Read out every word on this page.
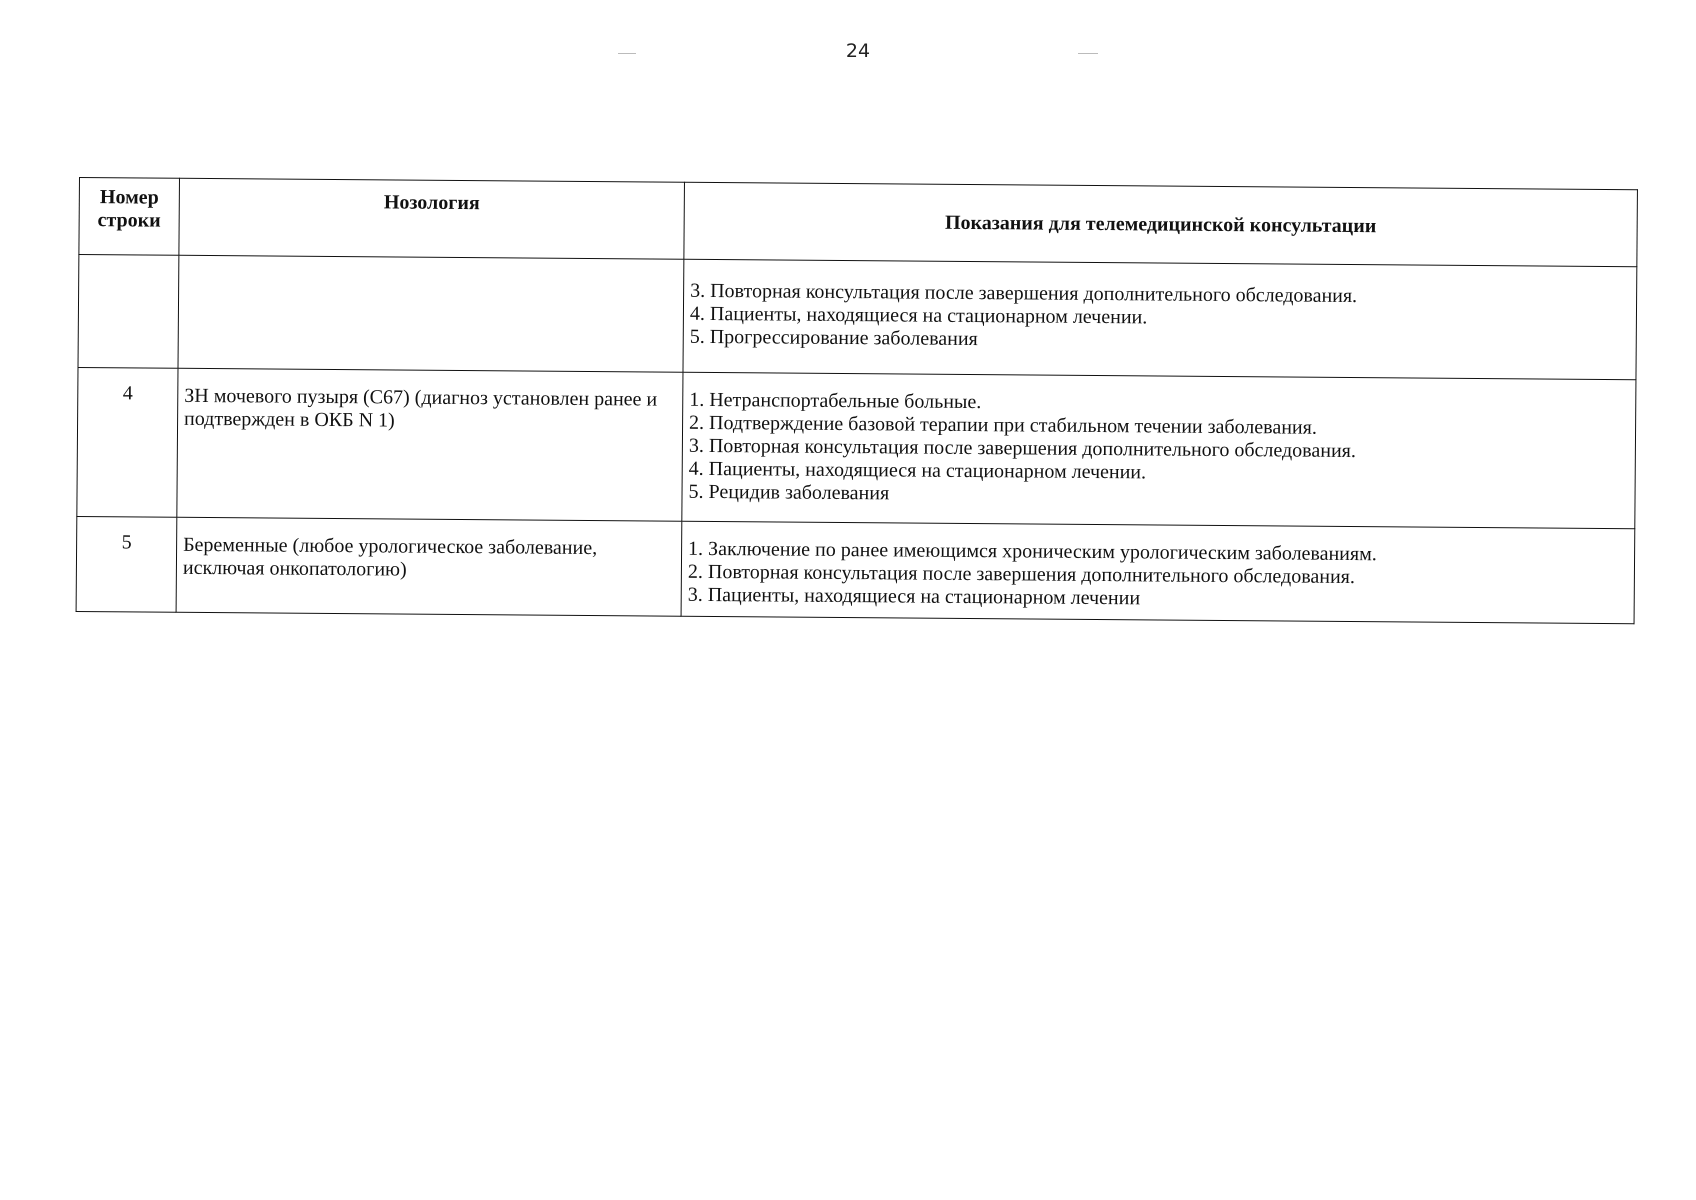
24
Номер строки	Нозология	Показания для телемедицинской консультации

		3. Повторная консультация после завершения дополнительного обследования.
4. Пациенты, находящиеся на стационарном лечении.
5. Прогрессирование заболевания

4	ЗН мочевого пузыря (C67) (диагноз установлен ранее и подтвержден в ОКБ N 1)	1. Нетранспортабельные больные.
2. Подтверждение базовой терапии при стабильном течении заболевания.
3. Повторная консультация после завершения дополнительного обследования.
4. Пациенты, находящиеся на стационарном лечении.
5. Рецидив заболевания

5	Беременные (любое урологическое заболевание, исключая онкопатологию)	1. Заключение по ранее имеющимся хроническим урологическим заболеваниям.
2. Повторная консультация после завершения дополнительного обследования.
3. Пациенты, находящиеся на стационарном лечении
